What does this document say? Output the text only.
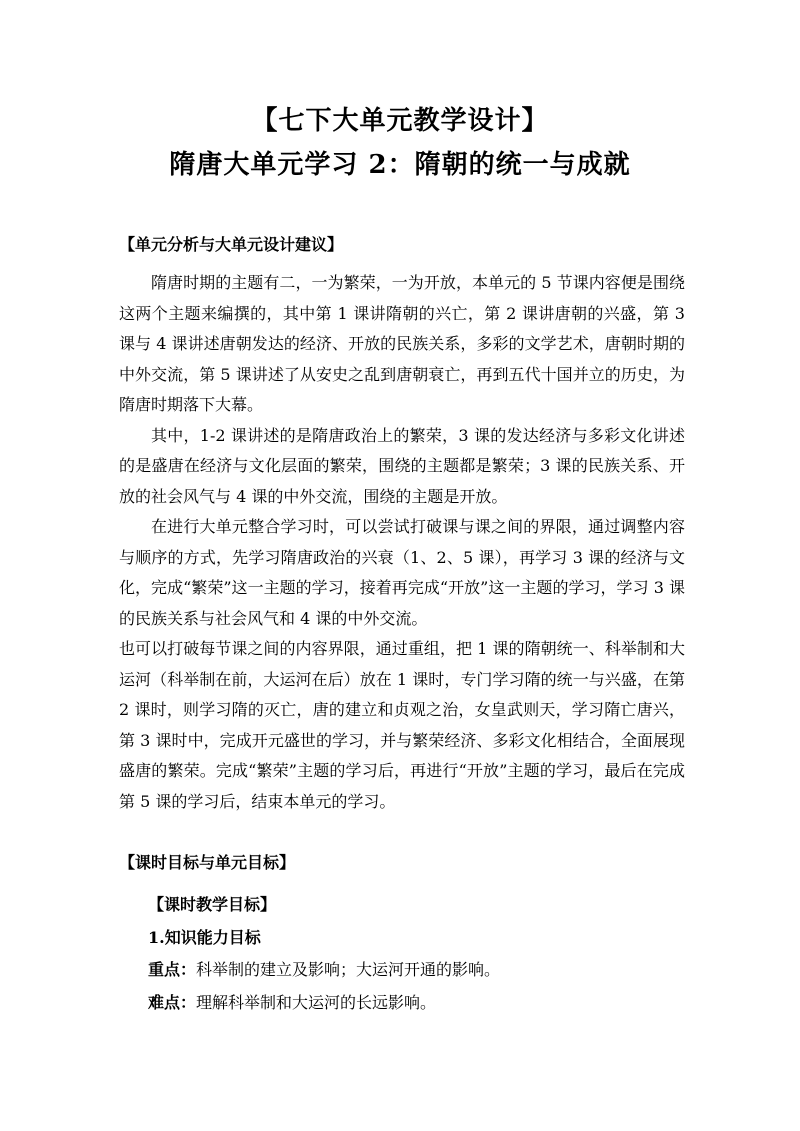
【七下大单元教学设计】
隋唐大单元学习 2：隋朝的统一与成就
【单元分析与大单元设计建议】

隋唐时期的主题有二，一为繁荣，一为开放，本单元的 5 节课内容便是围绕这两个主题来编撰的，其中第 1 课讲隋朝的兴亡，第 2 课讲唐朝的兴盛，第 3 课与 4 课讲述唐朝发达的经济、开放的民族关系，多彩的文学艺术，唐朝时期的中外交流，第 5 课讲述了从安史之乱到唐朝衰亡，再到五代十国并立的历史，为隋唐时期落下大幕。

其中，1-2 课讲述的是隋唐政治上的繁荣，3 课的发达经济与多彩文化讲述的是盛唐在经济与文化层面的繁荣，围绕的主题都是繁荣；3 课的民族关系、开放的社会风气与 4 课的中外交流，围绕的主题是开放。

在进行大单元整合学习时，可以尝试打破课与课之间的界限，通过调整内容与顺序的方式，先学习隋唐政治的兴衰（1、2、5 课），再学习 3 课的经济与文化，完成“繁荣”这一主题的学习，接着再完成“开放”这一主题的学习，学习 3 课的民族关系与社会风气和 4 课的中外交流。

也可以打破每节课之间的内容界限，通过重组，把 1 课的隋朝统一、科举制和大运河（科举制在前，大运河在后）放在 1 课时，专门学习隋的统一与兴盛，在第 2 课时，则学习隋的灭亡，唐的建立和贞观之治，女皇武则天，学习隋亡唐兴，第 3 课时中，完成开元盛世的学习，并与繁荣经济、多彩文化相结合，全面展现盛唐的繁荣。完成“繁荣”主题的学习后，再进行“开放”主题的学习，最后在完成第 5 课的学习后，结束本单元的学习。

【课时目标与单元目标】
【课时教学目标】
1.知识能力目标
重点：科举制的建立及影响；大运河开通的影响。
难点：理解科举制和大运河的长远影响。
